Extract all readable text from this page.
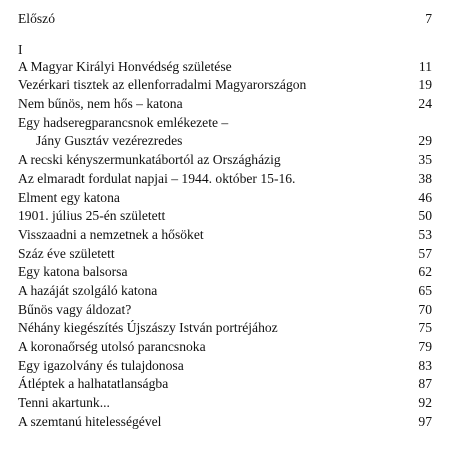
Előszó	7
I
A Magyar Királyi Honvédség születése	11
Vezérkari tisztek az ellenforradalmi Magyarországon	19
Nem bűnös, nem hős – katona	24
Egy hadseregparancsnok emlékezete –
Jány Gusztáv vezérezredes	29
A recski kényszermunkatábortól az Országházig	35
Az elmaradt fordulat napjai – 1944. október 15-16.	38
Elment egy katona	46
1901. július 25-én született	50
Visszaadni a nemzetnek a hősöket	53
Száz éve született	57
Egy katona balsorsa	62
A hazáját szolgáló katona	65
Bűnös vagy áldozat?	70
Néhány kiegészítés Újszászy István portréjához	75
A koronaőrség utolsó parancsnoka	79
Egy igazolvány és tulajdonosa	83
Átléptek a halhatatlanságba	87
Tenni akartunk...	92
A szemtanú hitelességével	97
